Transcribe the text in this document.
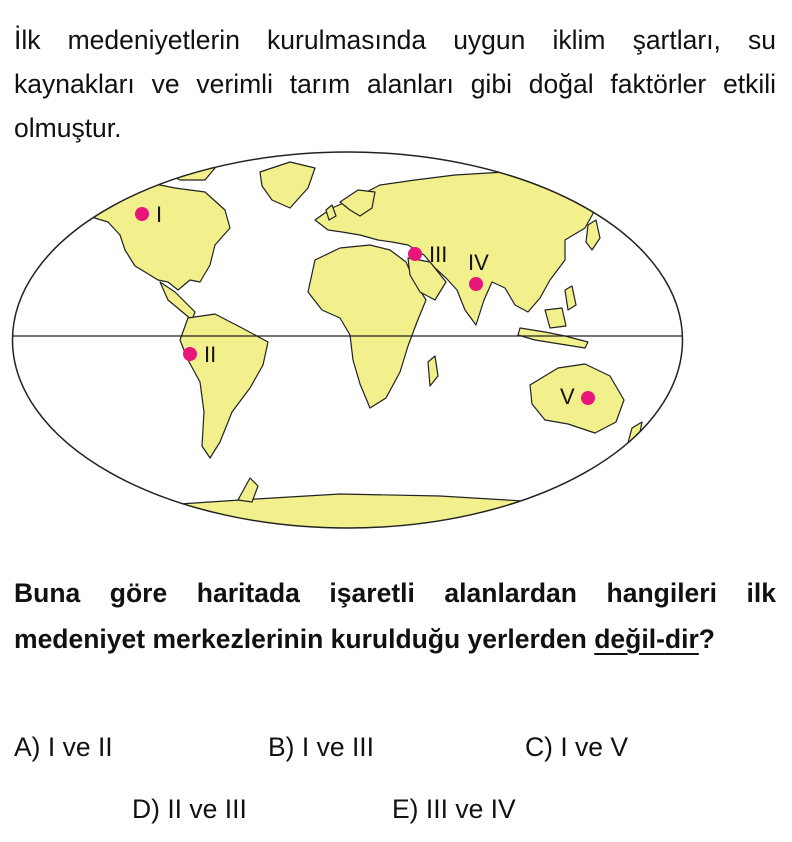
İlk medeniyetlerin kurulmasında uygun iklim şartları, su kaynakları ve verimli tarım alanları gibi doğal faktörler etkili olmuştur.
I
II
III IV
V
Buna göre haritada işaretli alanlardan hangileri ilk medeniyet merkezlerinin kurulduğu yerlerden değil-dir?
A) I ve II	B) I ve III	C) I ve V
D) II ve III	E) III ve IV
